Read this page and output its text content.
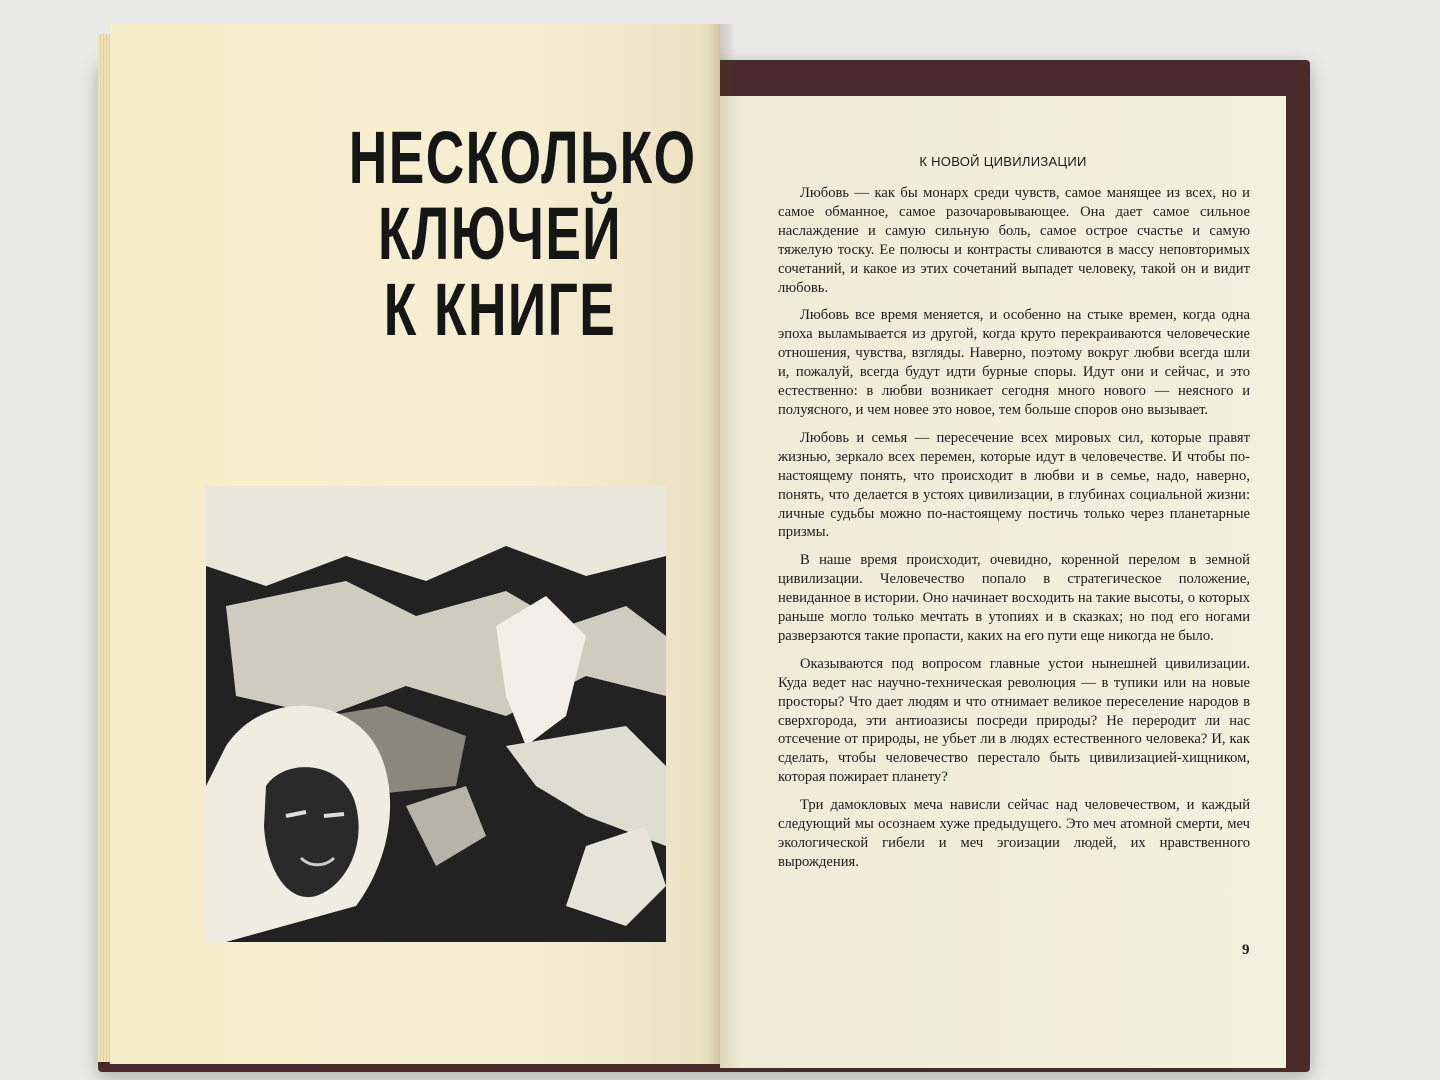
НЕСКОЛЬКО
КЛЮЧЕЙ
К КНИГЕ
К НОВОЙ ЦИВИЛИЗАЦИИ

Любовь — как бы монарх среди чувств, самое манящее из всех, но и самое обманное, самое разочаровывающее. Она дает самое сильное наслаждение и самую сильную боль, самое острое счастье и самую тяжелую тоску. Ее полюсы и контрасты сливаются в массу неповторимых сочетаний, и какое из этих сочетаний выпадет человеку, такой он и видит любовь.

Любовь все время меняется, и особенно на стыке времен, когда одна эпоха выламывается из другой, когда круто перекраиваются человеческие отношения, чувства, взгляды. Наверно, поэтому вокруг любви всегда шли и, пожалуй, всегда будут идти бурные споры. Идут они и сейчас, и это естественно: в любви возникает сегодня много нового — неясного и полуясного, и чем новее это новое, тем больше споров оно вызывает.

Любовь и семья — пересечение всех мировых сил, которые правят жизнью, зеркало всех перемен, которые идут в человечестве. И чтобы по-настоящему понять, что происходит в любви и в семье, надо, наверно, понять, что делается в устоях цивилизации, в глубинах социальной жизни: личные судьбы можно по-настоящему постичь только через планетарные призмы.

В наше время происходит, очевидно, коренной перелом в земной цивилизации. Человечество попало в стратегическое положение, невиданное в истории. Оно начинает восходить на такие высоты, о которых раньше могло только мечтать в утопиях и в сказках; но под его ногами разверзаются такие пропасти, каких на его пути еще никогда не было.

Оказываются под вопросом главные устои нынешней цивилизации. Куда ведет нас научно-техническая революция — в тупики или на новые просторы? Что дает людям и что отнимает великое переселение народов в сверхгорода, эти антиоазисы посреди природы? Не переродит ли нас отсечение от природы, не убьет ли в людях естественного человека? И, как сделать, чтобы человечество перестало быть цивилизацией-хищником, которая пожирает планету?

Три дамокловых меча нависли сейчас над человечеством, и каждый следующий мы осознаем хуже предыдущего. Это меч атомной смерти, меч экологической гибели и меч эгоизации людей, их нравственного вырождения.

9
